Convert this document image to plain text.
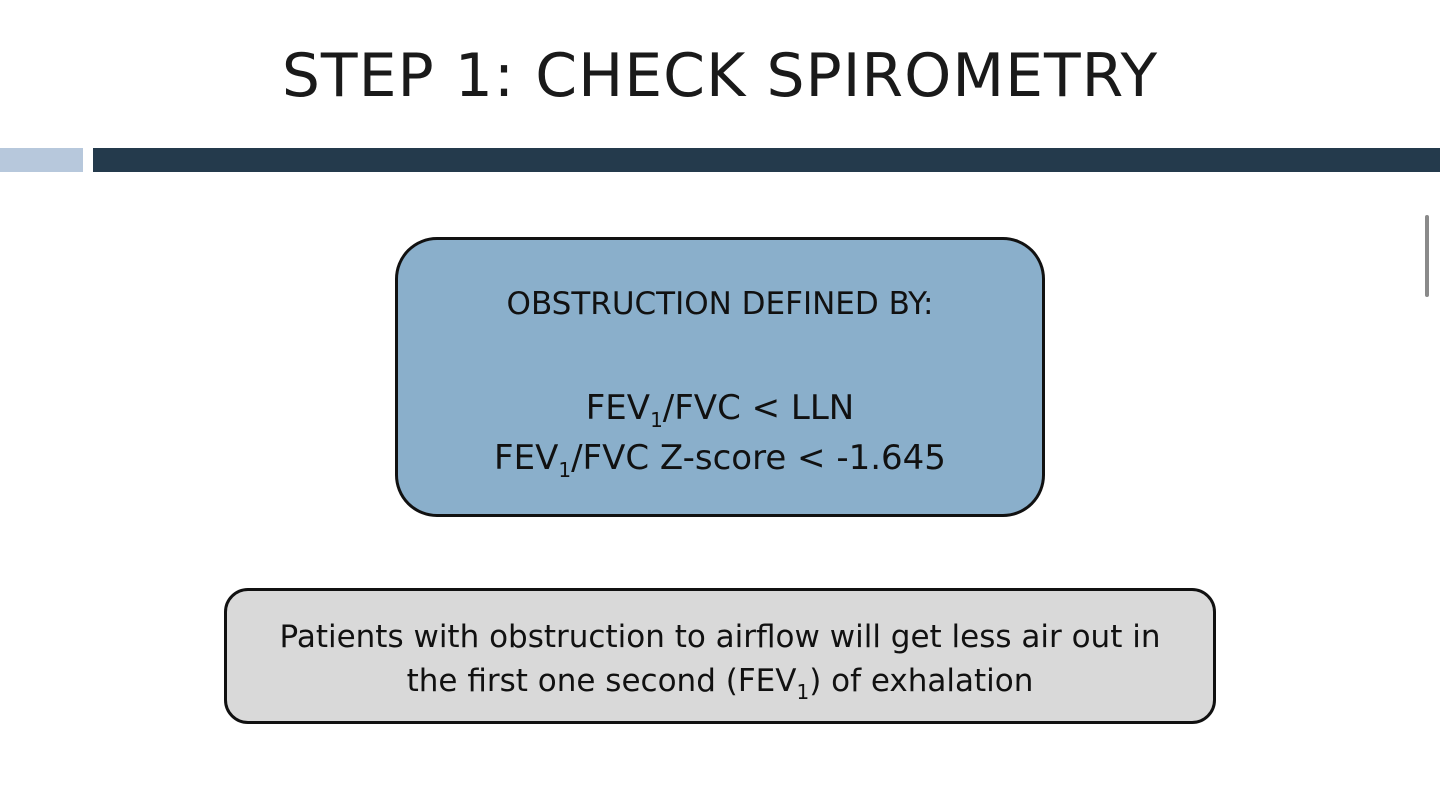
STEP 1: CHECK SPIROMETRY
OBSTRUCTION DEFINED BY:
$FEV_1$/FVC < LLN
$FEV_1$/FVC Z-score < -1.645
Patients with obstruction to airflow will get less air out in
the first one second $(FEV_1)$ of exhalation
